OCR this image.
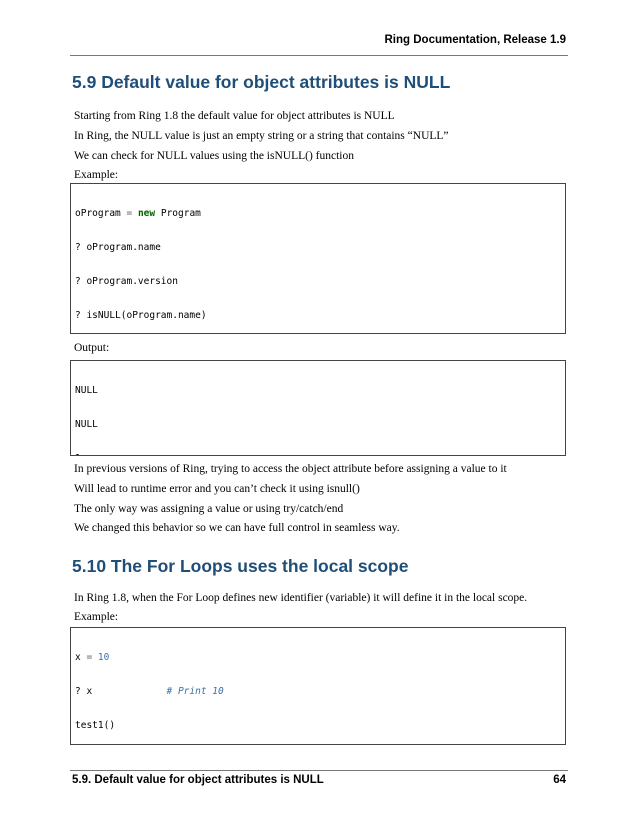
Ring Documentation, Release 1.9
5.9 Default value for object attributes is NULL

Starting from Ring 1.8 the default value for object attributes is NULL

In Ring, the NULL value is just an empty string or a string that contains “NULL”

We can check for NULL values using the isNULL() function

Example:

oProgram = new Program

? oProgram.name

? oProgram.version

? isNULL(oProgram.name)

Output:

NULL

NULL

In previous versions of Ring, trying to access the object attribute before assigning a value to it

Will lead to runtime error and you can’t check it using isnull()

The only way was assigning a value or using try/catch/end

We changed this behavior so we can have full control in seamless way.

5.10 The For Loops uses the local scope

In Ring 1.8, when the For Loop defines new identifier (variable) it will define it in the local scope.

Example:

x = 10

? x             # Print 10

test1()

5.9. Default value for object attributes is NULL	64
